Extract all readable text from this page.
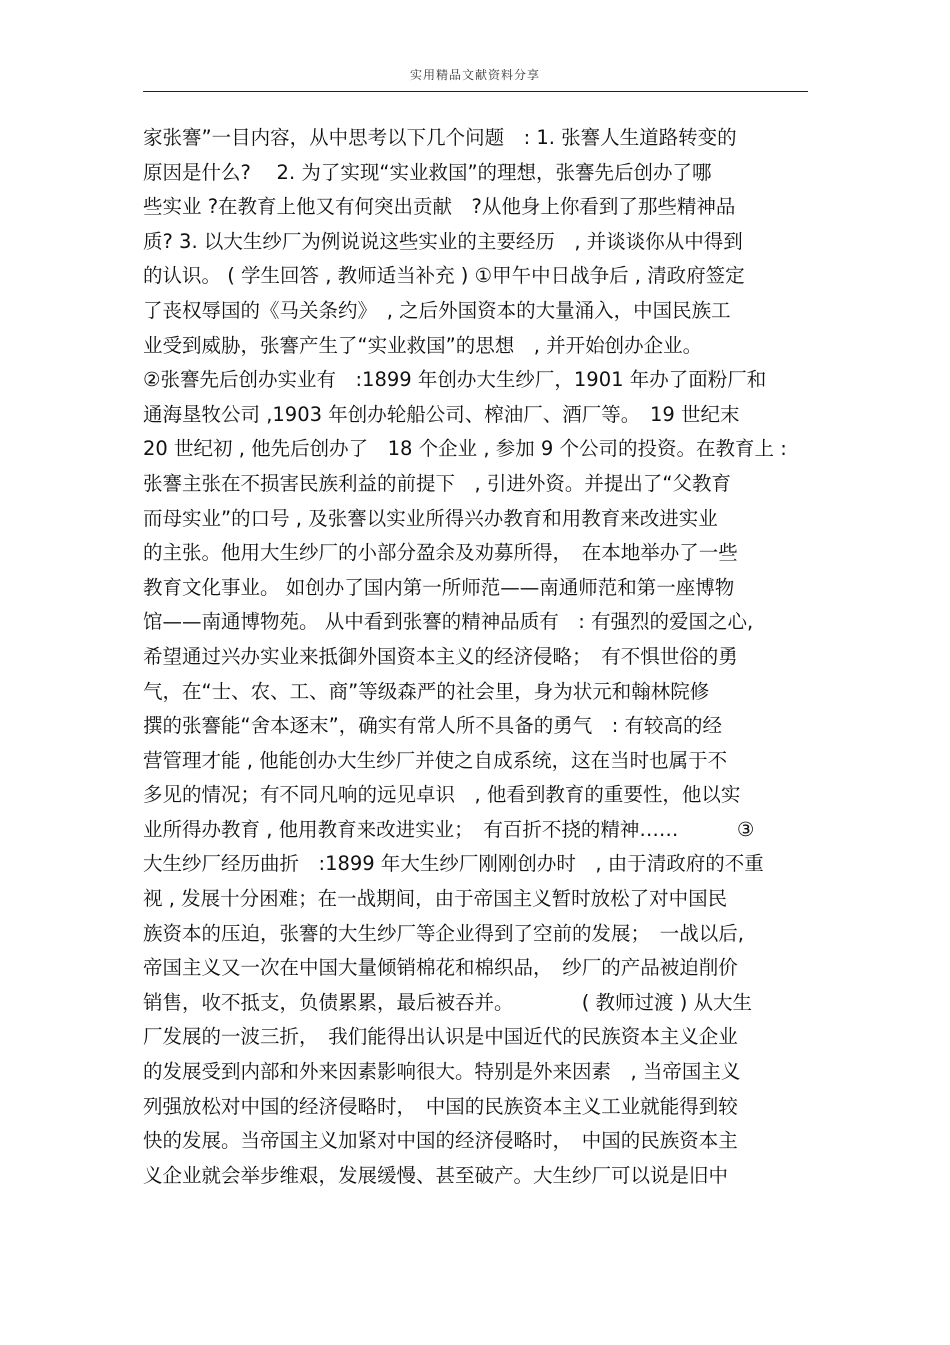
实用精品文献资料分享
家张謇”一目内容，从中思考以下几个问题　: 1. 张謇人生道路转变的
原因是什么?　 2. 为了实现“实业救国”的理想，张謇先后创办了哪
些实业 ?在教育上他又有何突出贡献　?从他身上你看到了那些精神品
质? 3. 以大生纱厂为例说说这些实业的主要经历　, 并谈谈你从中得到
的认识。 ( 学生回答 , 教师适当补充 ) ①甲午中日战争后 , 清政府签定
了丧权辱国的《马关条约》　, 之后外国资本的大量涌入，中国民族工
业受到威胁，张謇产生了“实业救国”的思想　, 并开始创办企业。
②张謇先后创办实业有　:1899 年创办大生纱厂，1901 年办了面粉厂和
通海垦牧公司 ,1903 年创办轮船公司、榨油厂、酒厂等。　19 世纪末
20 世纪初 , 他先后创办了　18 个企业 , 参加 9 个公司的投资。在教育上 :
张謇主张在不损害民族利益的前提下　, 引进外资。并提出了“父教育
而母实业”的口号 , 及张謇以实业所得兴办教育和用教育来改进实业
的主张。他用大生纱厂的小部分盈余及劝募所得，　在本地举办了一些
教育文化事业。 如创办了国内第一所师范——南通师范和第一座博物
馆——南通博物苑。 从中看到张謇的精神品质有　: 有强烈的爱国之心,
希望通过兴办实业来抵御外国资本主义的经济侵略；　有不惧世俗的勇
气，在“士、农、工、商”等级森严的社会里，身为状元和翰林院修
撰的张謇能“舍本逐末”，确实有常人所不具备的勇气　: 有较高的经
营管理才能 , 他能创办大生纱厂并使之自成系统，这在当时也属于不
多见的情况；有不同凡响的远见卓识　, 他看到教育的重要性，他以实
业所得办教育 , 他用教育来改进实业；　有百折不挠的精神……　　　③
大生纱厂经历曲折　:1899 年大生纱厂刚刚创办时　, 由于清政府的不重
视 , 发展十分困难；在一战期间，由于帝国主义暂时放松了对中国民
族资本的压迫，张謇的大生纱厂等企业得到了空前的发展；　一战以后,
帝国主义又一次在中国大量倾销棉花和棉织品，　纱厂的产品被迫削价
销售，收不抵支，负债累累，最后被吞并。　　　　( 教师过渡 ) 从大生
厂发展的一波三折，　我们能得出认识是中国近代的民族资本主义企业
的发展受到内部和外来因素影响很大。特别是外来因素　, 当帝国主义
列强放松对中国的经济侵略时，　中国的民族资本主义工业就能得到较
快的发展。当帝国主义加紧对中国的经济侵略时，　中国的民族资本主
义企业就会举步维艰，发展缓慢、甚至破产。大生纱厂可以说是旧中
